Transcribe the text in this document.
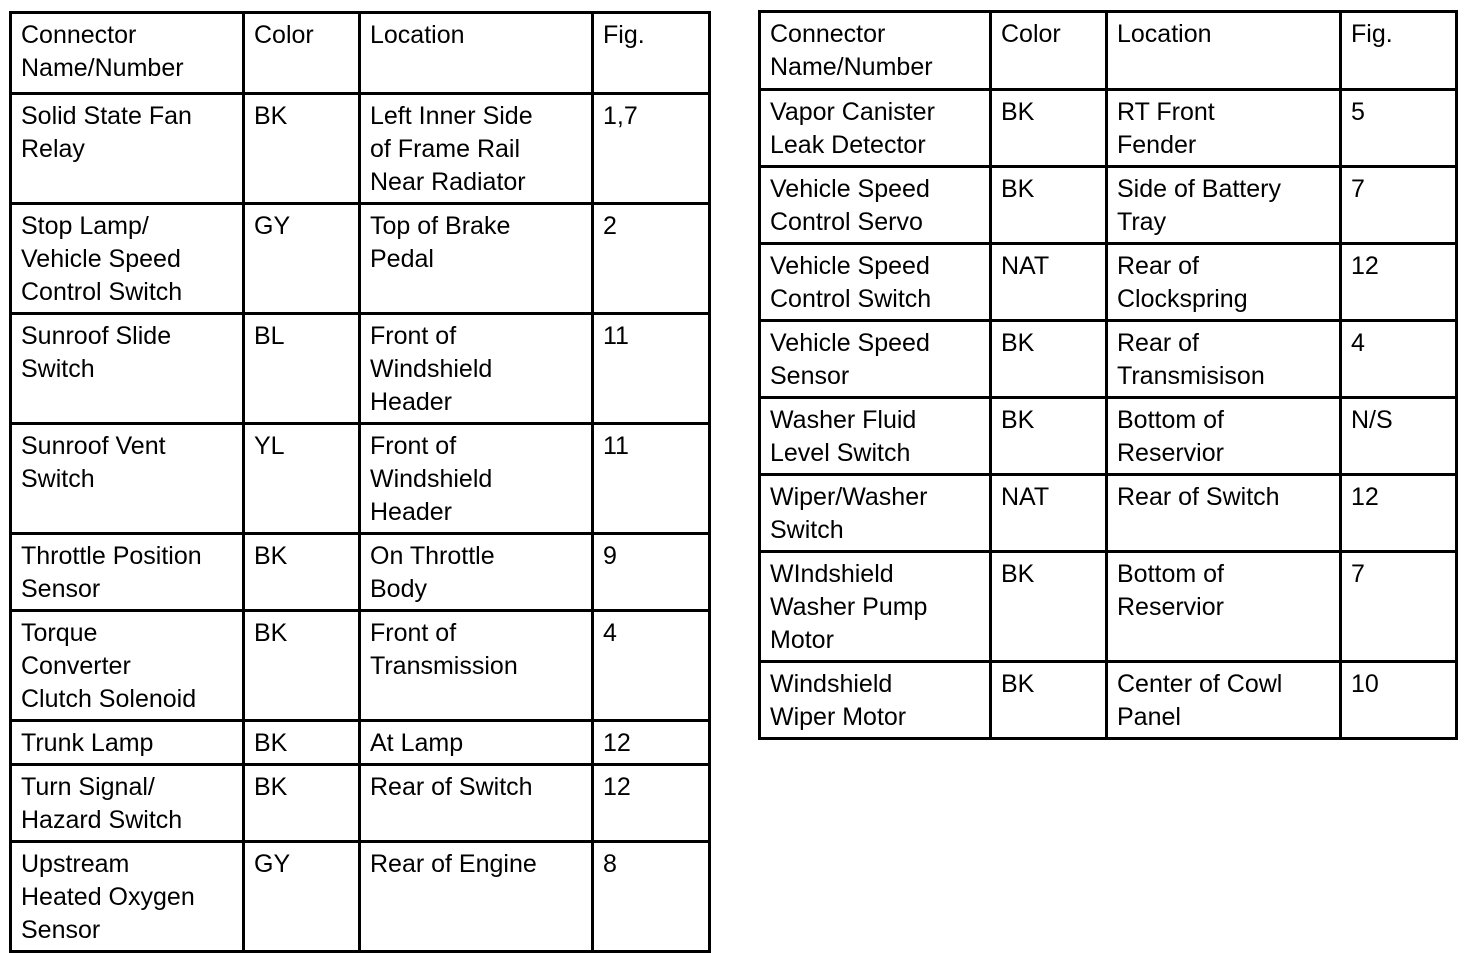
Connector
Name/Number	Color	Location	Fig.

Solid State Fan
Relay	BK	Left Inner Side
of Frame Rail
Near Radiator	1,7

Stop Lamp/
Vehicle Speed
Control Switch	GY	Top of Brake
Pedal	2

Sunroof Slide
Switch	BL	Front of
Windshield
Header	11

Sunroof Vent
Switch	YL	Front of
Windshield
Header	11

Throttle Position
Sensor	BK	On Throttle
Body	9

Torque
Converter
Clutch Solenoid	BK	Front of
Transmission	4

Trunk Lamp	BK	At Lamp	12

Turn Signal/
Hazard Switch	BK	Rear of Switch	12

Upstream
Heated Oxygen
Sensor	GY	Rear of Engine	8
Connector
Name/Number	Color	Location	Fig.

Vapor Canister
Leak Detector	BK	RT Front
Fender	5

Vehicle Speed
Control Servo	BK	Side of Battery
Tray	7

Vehicle Speed
Control Switch	NAT	Rear of
Clockspring	12

Vehicle Speed
Sensor	BK	Rear of
Transmisison	4

Washer Fluid
Level Switch	BK	Bottom of
Reservior	N/S

Wiper/Washer
Switch	NAT	Rear of Switch	12

WIndshield
Washer Pump
Motor	BK	Bottom of
Reservior	7

Windshield
Wiper Motor	BK	Center of Cowl
Panel	10
